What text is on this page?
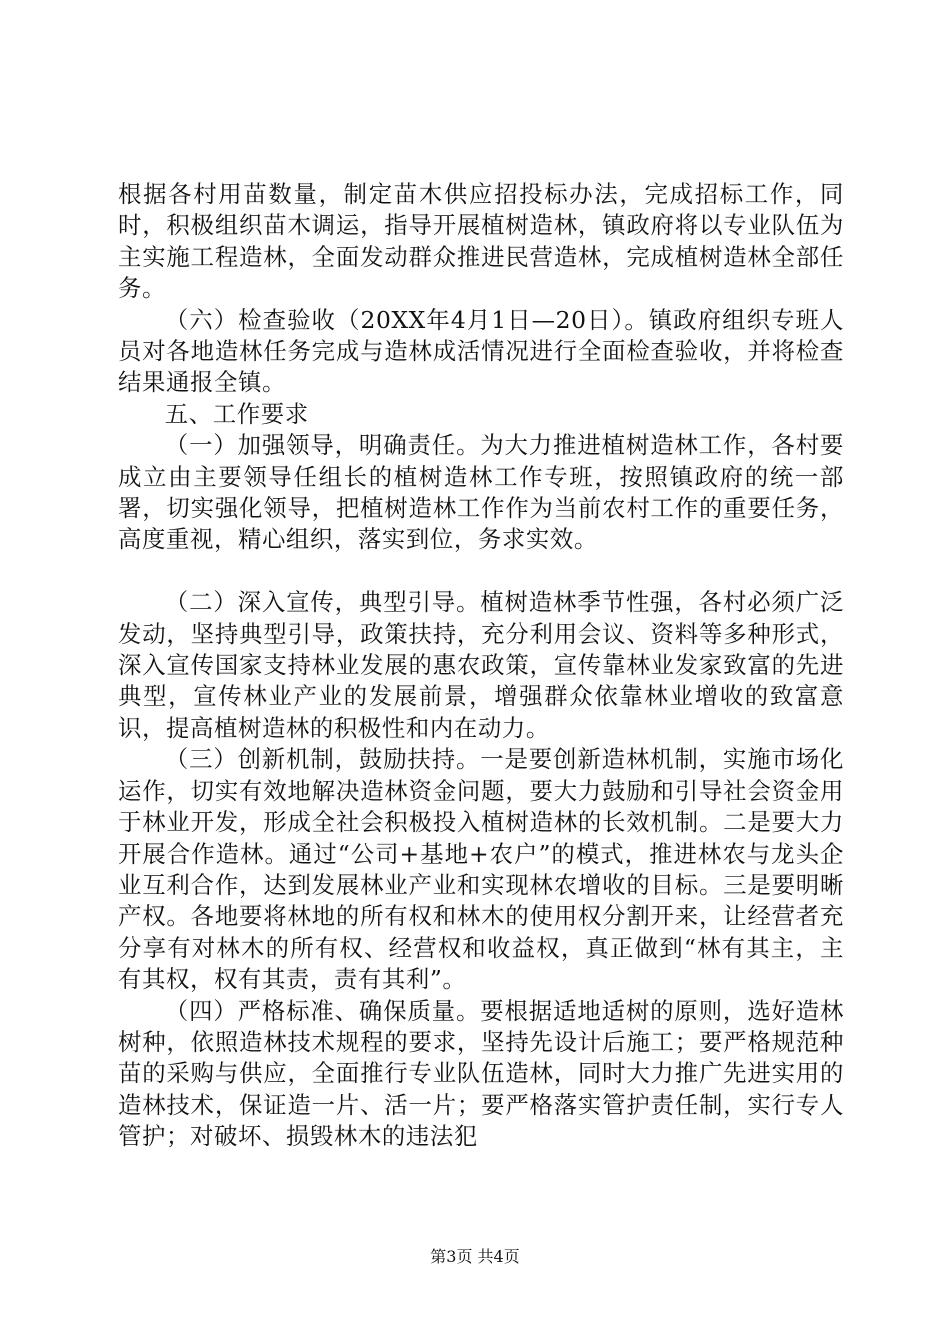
根据各村用苗数量，制定苗木供应招投标办法，完成招标工作，同时，积极组织苗木调运，指导开展植树造林，镇政府将以专业队伍为主实施工程造林，全面发动群众推进民营造林，完成植树造林全部任务。

（六）检查验收（20XX年4月1日—20日）。镇政府组织专班人员对各地造林任务完成与造林成活情况进行全面检查验收，并将检查结果通报全镇。

五、工作要求

（一）加强领导，明确责任。为大力推进植树造林工作，各村要成立由主要领导任组长的植树造林工作专班，按照镇政府的统一部署，切实强化领导，把植树造林工作作为当前农村工作的重要任务，高度重视，精心组织，落实到位，务求实效。

（二）深入宣传，典型引导。植树造林季节性强，各村必须广泛发动，坚持典型引导，政策扶持，充分利用会议、资料等多种形式，深入宣传国家支持林业发展的惠农政策，宣传靠林业发家致富的先进典型，宣传林业产业的发展前景，增强群众依靠林业增收的致富意识，提高植树造林的积极性和内在动力。

（三）创新机制，鼓励扶持。一是要创新造林机制，实施市场化运作，切实有效地解决造林资金问题，要大力鼓励和引导社会资金用于林业开发，形成全社会积极投入植树造林的长效机制。二是要大力开展合作造林。通过“公司+基地+农户”的模式，推进林农与龙头企业互利合作，达到发展林业产业和实现林农增收的目标。三是要明晰产权。各地要将林地的所有权和林木的使用权分割开来，让经营者充分享有对林木的所有权、经营权和收益权，真正做到“林有其主，主有其权，权有其责，责有其利”。

（四）严格标准、确保质量。要根据适地适树的原则，选好造林树种，依照造林技术规程的要求，坚持先设计后施工；要严格规范种苗的采购与供应，全面推行专业队伍造林，同时大力推广先进实用的造林技术，保证造一片、活一片；要严格落实管护责任制，实行专人管护；对破坏、损毁林木的违法犯

第3页 共4页
